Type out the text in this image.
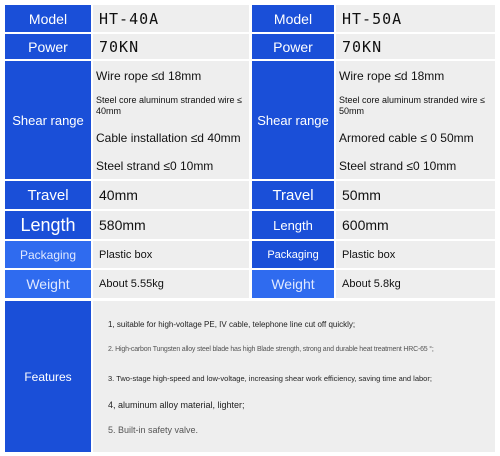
Model	HT-40A
Power	70KN
Shear range
Wire rope ≤d 18mm
Steel core aluminum stranded wire ≤ 40mm
Cable installation ≤d 40mm
Steel strand ≤0 10mm
Travel	40mm
Length	580mm
Packaging	Plastic box
Weight	About 5.55kg
Model	HT-50A
Power	70KN
Shear range
Wire rope ≤d 18mm
Steel core aluminum stranded wire ≤ 50mm
Armored cable ≤ 0 50mm
Steel strand ≤0 10mm
Travel	50mm
Length	600mm
Packaging	Plastic box
Weight	About 5.8kg
Features
1, suitable for high-voltage PE, IV cable, telephone line cut off quickly;
2. High-carbon Tungsten alloy steel blade has high Blade strength, strong and durable heat treatment HRC-65 °;
3. Two-stage high-speed and low-voltage, increasing shear work efficiency, saving time and labor;
4, aluminum alloy material, lighter;
5. Built-in safety valve.
